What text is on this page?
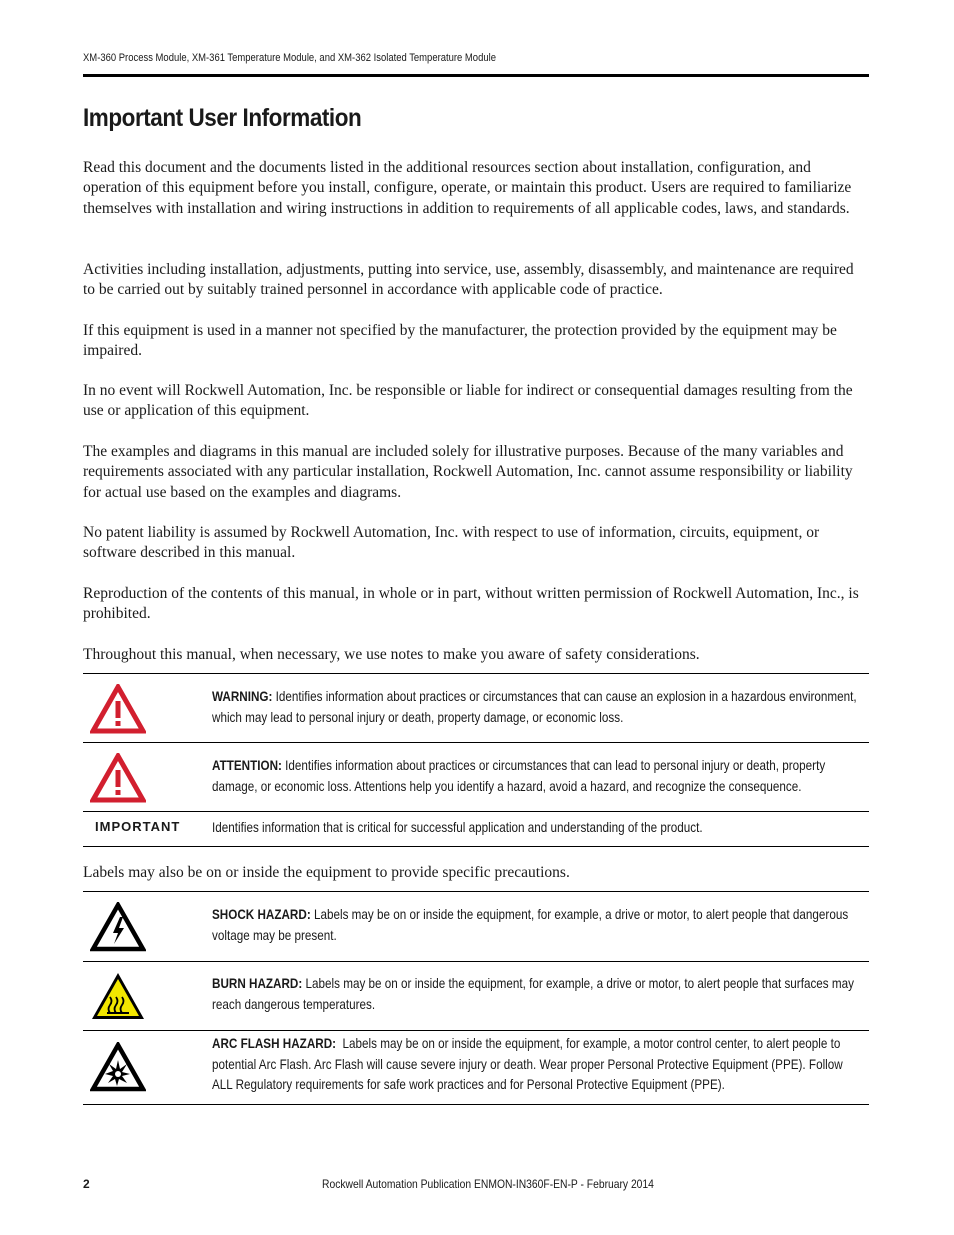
XM-360 Process Module, XM-361 Temperature Module, and XM-362 Isolated Temperature Module
Important User Information

Read this document and the documents listed in the additional resources section about installation, configuration, and operation of this equipment before you install, configure, operate, or maintain this product. Users are required to familiarize themselves with installation and wiring instructions in addition to requirements of all applicable codes, laws, and standards.

Activities including installation, adjustments, putting into service, use, assembly, disassembly, and maintenance are required to be carried out by suitably trained personnel in accordance with applicable code of practice.

If this equipment is used in a manner not specified by the manufacturer, the protection provided by the equipment may be impaired.

In no event will Rockwell Automation, Inc. be responsible or liable for indirect or consequential damages resulting from the use or application of this equipment.

The examples and diagrams in this manual are included solely for illustrative purposes. Because of the many variables and requirements associated with any particular installation, Rockwell Automation, Inc. cannot assume responsibility or liability for actual use based on the examples and diagrams.

No patent liability is assumed by Rockwell Automation, Inc. with respect to use of information, circuits, equipment, or software described in this manual.

Reproduction of the contents of this manual, in whole or in part, without written permission of Rockwell Automation, Inc., is prohibited.

Throughout this manual, when necessary, we use notes to make you aware of safety considerations.

WARNING: Identifies information about practices or circumstances that can cause an explosion in a hazardous environment, which may lead to personal injury or death, property damage, or economic loss.
ATTENTION: Identifies information about practices or circumstances that can lead to personal injury or death, property damage, or economic loss. Attentions help you identify a hazard, avoid a hazard, and recognize the consequence.
IMPORTANT Identifies information that is critical for successful application and understanding of the product.

Labels may also be on or inside the equipment to provide specific precautions.

SHOCK HAZARD: Labels may be on or inside the equipment, for example, a drive or motor, to alert people that dangerous voltage may be present.
BURN HAZARD: Labels may be on or inside the equipment, for example, a drive or motor, to alert people that surfaces may reach dangerous temperatures.
ARC FLASH HAZARD: Labels may be on or inside the equipment, for example, a motor control center, to alert people to potential Arc Flash. Arc Flash will cause severe injury or death. Wear proper Personal Protective Equipment (PPE). Follow ALL Regulatory requirements for safe work practices and for Personal Protective Equipment (PPE).
2	Rockwell Automation Publication ENMON-IN360F-EN-P - February 2014
